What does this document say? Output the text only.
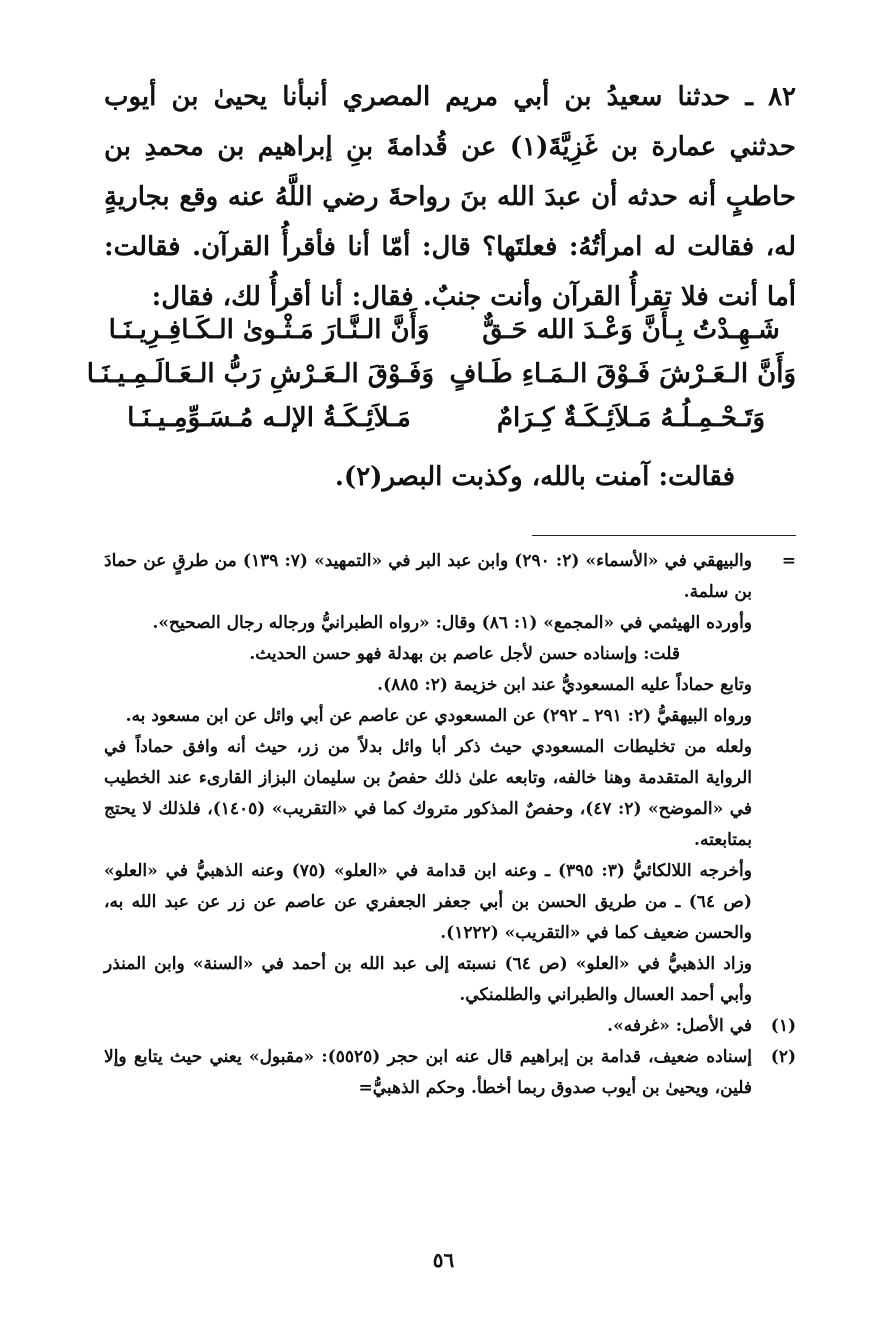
٨٢ ـ حدثنا سعيدُ بن أبي مريم المصري أنبأنا يحيىٰ بن أيوب حدثني عمارة بن غَزِيَّةَ(١) عن قُدامةَ بنِ إبراهيم بن محمدِ بن حاطبٍ أنه حدثه أن عبدَ الله بنَ رواحةَ رضي اللَّهُ عنه وقع بجاريةٍ له، فقالت له امرأتُهُ: فعلتَها؟ قال: أمّا أنا فأقرأُ القرآن. فقالت: أما أنت فلا تقرأُ القرآن وأنت جنبٌ. فقال: أنا أقرأُ لك، فقال:

شَـهِـدْتُ بِـأَنَّ وَعْـدَ الله حَـقٌّ
وَأَنَّ الـنَّـارَ مَـثْـوىٰ الـكَـافِـرِيـنَـا
وَأَنَّ الـعَـرْشَ فَـوْقَ الـمَـاءِ طَـافٍ
وَفَـوْقَ الـعَـرْشِ رَبُّ الـعَـالَـمِـيـنَـا
وَتَـحْـمِـلُـهُ مَـلاَئِـكَـةٌ كِـرَامٌ
مَـلاَئِـكَـةُ الإلـه مُـسَـوِّمِـيـنَـا
فقالت: آمنت بالله، وكذبت البصر(٢).
=
والبيهقي في «الأسماء» (٢: ٢٩٠) وابن عبد البر في «التمهيد» (٧: ١٣٩) من طرقٍ عن حمادَ بن سلمة.
وأورده الهيثمي في «المجمع» (١: ٨٦) وقال: «رواه الطبرانيُّ ورجاله رجال الصحيح».
قلت: وإسناده حسن لأجل عاصم بن بهدلة فهو حسن الحديث.
وتابع حماداً عليه المسعوديُّ عند ابن خزيمة (٢: ٨٨٥).
ورواه البيهقيُّ (٢: ٢٩١ ـ ٢٩٢) عن المسعودي عن عاصم عن أبي وائل عن ابن مسعود به.
ولعله من تخليطات المسعودي حيث ذكر أبا وائل بدلاً من زر، حيث أنه وافق حماداً في الرواية المتقدمة وهنا خالفه، وتابعه علىٰ ذلك حفصُ بن سليمان البزاز القارىء عند الخطيب في «الموضح» (٢: ٤٧)، وحفصٌ المذكور متروك كما في «التقريب» (١٤٠٥)، فلذلك لا يحتج بمتابعته.
وأخرجه اللالكائيُّ (٣: ٣٩٥) ـ وعنه ابن قدامة في «العلو» (٧٥) وعنه الذهبيُّ في «العلو» (ص ٦٤) ـ من طريق الحسن بن أبي جعفر الجعفري عن عاصم عن زر عن عبد الله به، والحسن ضعيف كما في «التقريب» (١٢٢٢).
وزاد الذهبيُّ في «العلو» (ص ٦٤) نسبته إلى عبد الله بن أحمد في «السنة» وابن المنذر وأبي أحمد العسال والطبراني والطلمنكي.
(١)
في الأصل: «غرفه».
(٢)
إسناده ضعيف، قدامة بن إبراهيم قال عنه ابن حجر (٥٥٢٥): «مقبول» يعني حيث يتابع وإلا فلين، ويحيىٰ بن أيوب صدوق ربما أخطأ. وحكم الذهبيُّ=
٥٦
